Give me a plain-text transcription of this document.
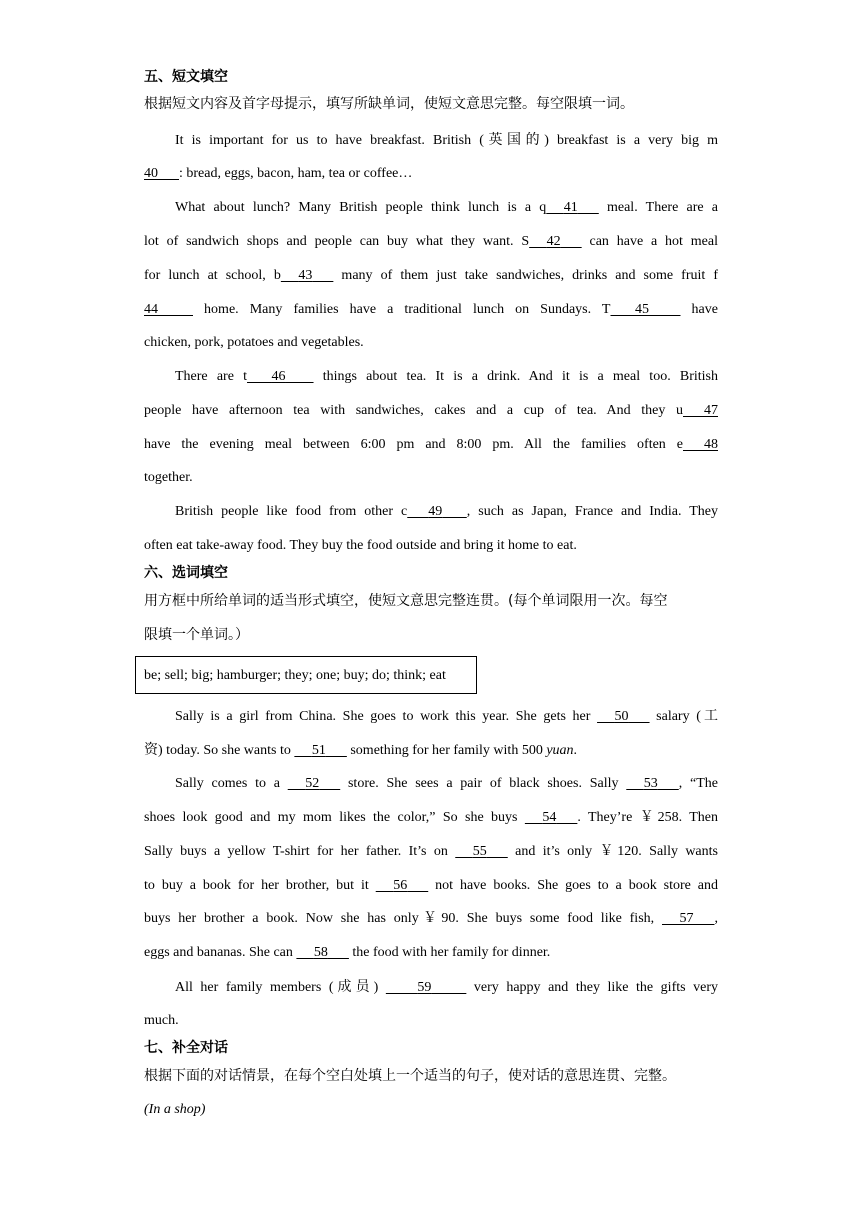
五、短文填空
根据短文内容及首字母提示，填写所缺单词，使短文意思完整。每空限填一词。
It is important for us to have breakfast. British (英国的) breakfast is a very big m
40 : bread, eggs, bacon, ham, tea or coffee…
What about lunch? Many British people think lunch is a q 41       meal. There are a
lot of sandwich shops and people can buy what they want. S 42       can have a hot meal
for lunch at school, b 43       many of them just take sandwiches, drinks and some fruit f
44	home. Many families have a traditional lunch on Sundays. T 45          have
chicken, pork, potatoes and vegetables.
There are t 46         things about tea. It is a drink. And it is a meal too. British
people have afternoon tea with sandwiches, cakes and a cup of tea. And they u 47
have the evening meal between 6:00 pm and 8:00 pm. All the families often e 48
together.
British people like food from other c 49 , such as Japan, France and India. They
often eat take-away food. They buy the food outside and bring it home to eat.
六、选词填空
用方框中所给单词的适当形式填空，使短文意思完整连贯。(每个单词限用一次。每空
限填一个单词。）
be; sell; big; hamburger; they; one; buy; do; think; eat
Sally is a girl from China. She goes to work this year. She gets her      50       salary (工
资) today. So she wants to      51       something for her family with 500 yuan.
Sally comes to a      52       store. She sees a pair of black shoes. Sally      53 , “The
shoes look good and my mom likes the color,” So she buys      54 . They’re ￥258. Then
Sally buys a yellow T-shirt for her father. It’s on      55       and it’s only ￥120. Sally wants
to buy a book for her brother, but it      56       not have books. She goes to a book store and
buys her brother a book. Now she has only￥90. She buys some food like fish,      57 ,
eggs and bananas. She can      58       the food with her family for dinner.
All her family members (成员)          59	very happy and they like the gifts very
much.
七、补全对话
根据下面的对话情景，在每个空白处填上一个适当的句子，使对话的意思连贯、完整。
(In a shop)
